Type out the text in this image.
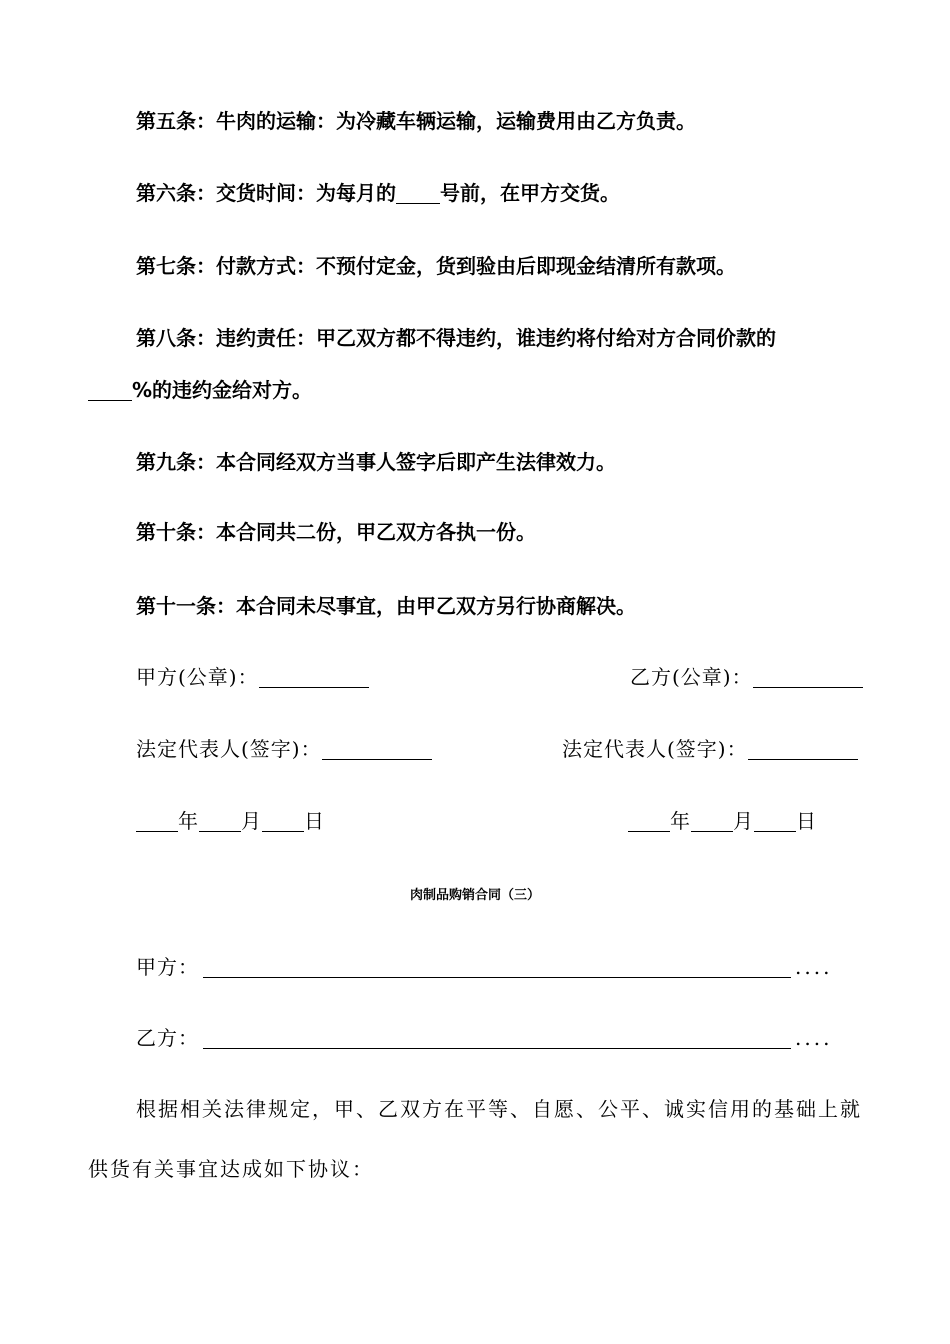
第五条：牛肉的运输：为冷藏车辆运输，运输费用由乙方负责。
第六条：交货时间：为每月的 号前，在甲方交货。
第七条：付款方式：不预付定金，货到验由后即现金结清所有款项。
第八条：违约责任：甲乙双方都不得违约，谁违约将付给对方合同价款的
%的违约金给对方。
第九条：本合同经双方当事人签字后即产生法律效力。
第十条：本合同共二份，甲乙双方各执一份。
第十一条：本合同未尽事宜，由甲乙双方另行协商解决。
甲方(公章)：	乙方(公章)：
法定代表人(签字)：	法定代表人(签字)：
年 月 日	年 月 日
肉制品购销合同（三）
甲方：	....
乙方：	....
根据相关法律规定，甲、乙双方在平等、自愿、公平、诚实信用的基础上就供货有关事宜达成如下协议：
